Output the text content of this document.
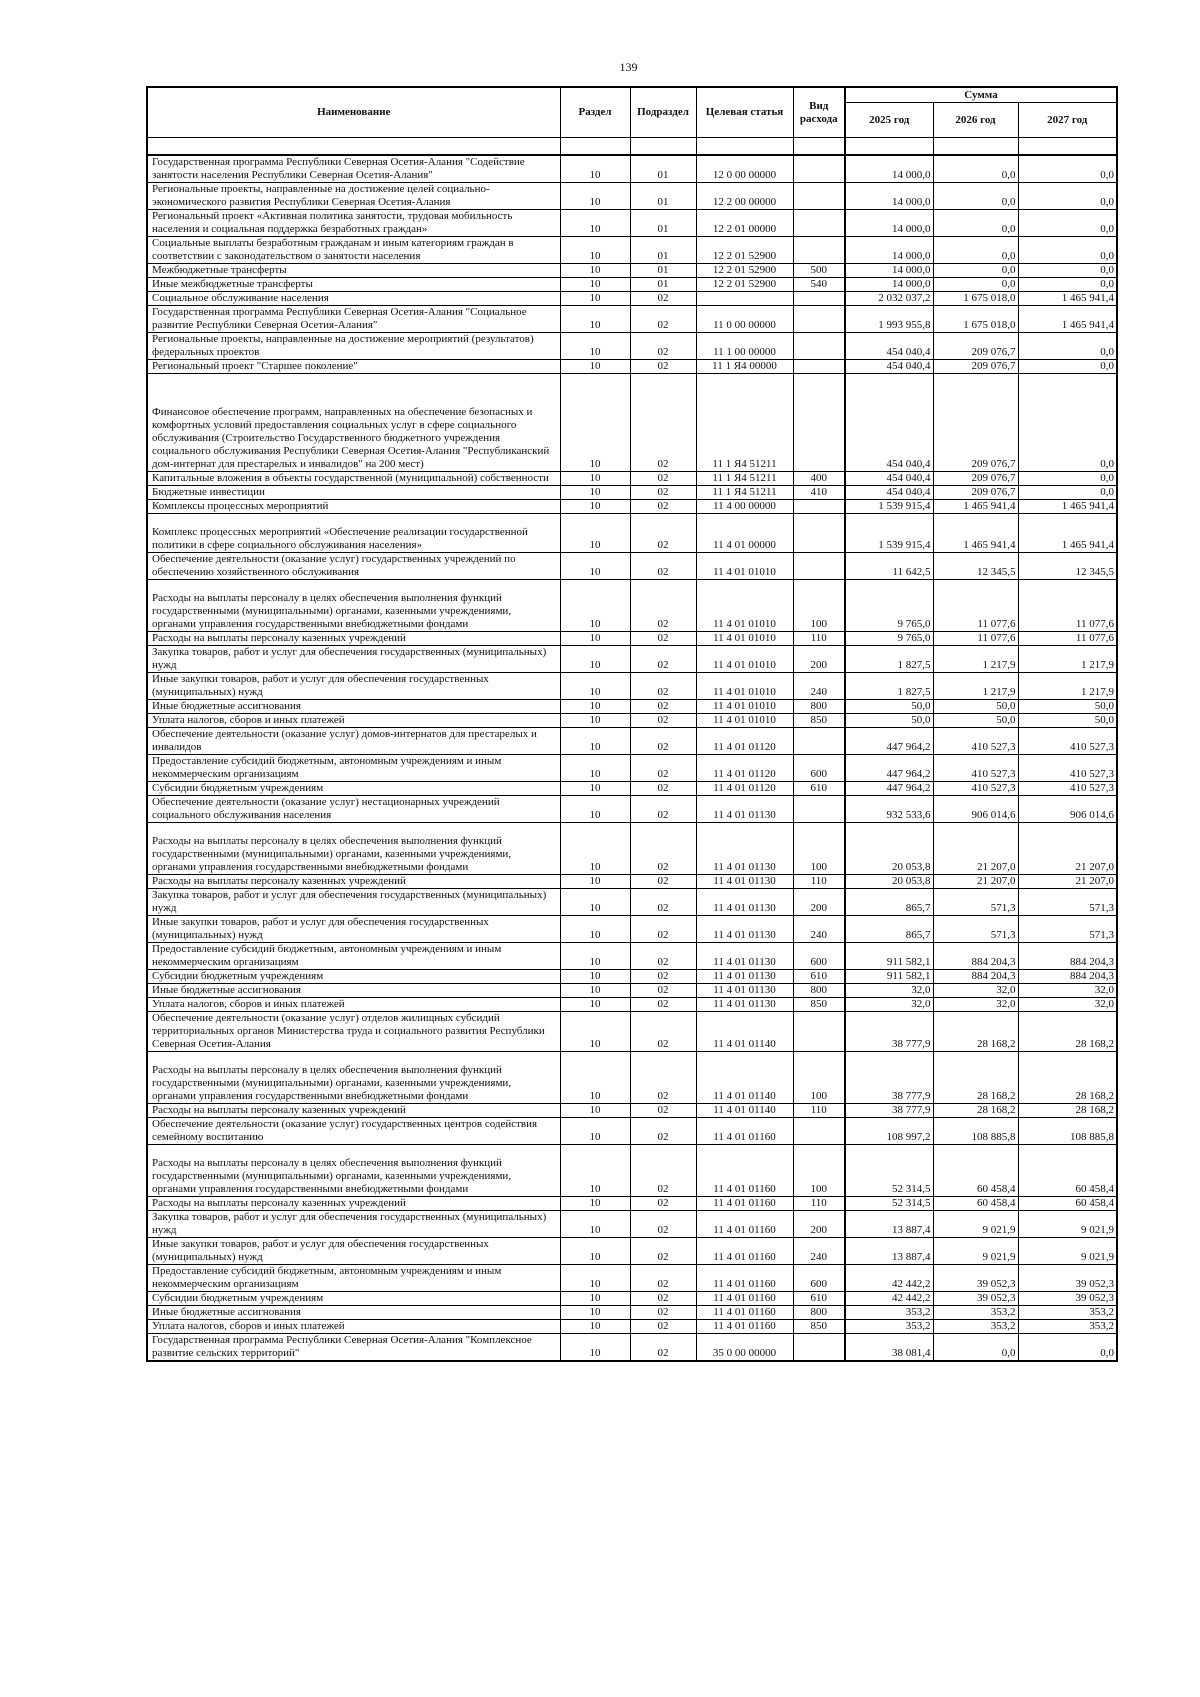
139
Наименование	Раздел	Подраздел	Целевая статья	Вид расхода	Сумма		
					2025 год	2026 год	2027 год

Государственная программа Республики Северная Осетия-Алания "Содействие занятости населения Республики Северная Осетия-Алания"	10	01	12 0 00 00000		14 000,0	0,0	0,0
Региональные проекты, направленные на достижение целей социально-экономического развития Республики Северная Осетия-Алания	10	01	12 2 00 00000		14 000,0	0,0	0,0
Региональный проект «Активная политика занятости, трудовая мобильность населения и социальная поддержка безработных граждан»	10	01	12 2 01 00000		14 000,0	0,0	0,0
Социальные выплаты безработным гражданам и иным категориям граждан в соответствии с законодательством о занятости населения	10	01	12 2 01 52900		14 000,0	0,0	0,0
Межбюджетные трансферты	10	01	12 2 01 52900	500	14 000,0	0,0	0,0
Иные межбюджетные трансферты	10	01	12 2 01 52900	540	14 000,0	0,0	0,0
Социальное обслуживание населения	10	02			2 032 037,2	1 675 018,0	1 465 941,4
Государственная программа Республики Северная Осетия-Алания "Социальное развитие Республики Северная Осетия-Алания"	10	02	11 0 00 00000		1 993 955,8	1 675 018,0	1 465 941,4
Региональные проекты, направленные на достижение мероприятий (результатов) федеральных проектов	10	02	11 1 00 00000		454 040,4	209 076,7	0,0
Региональный проект "Старшее поколение"	10	02	11 1 Я4 00000		454 040,4	209 076,7	0,0
Финансовое обеспечение программ, направленных на обеспечение безопасных и комфортных условий предоставления социальных услуг в сфере социального обслуживания (Строительство Государственного бюджетного учреждения социального обслуживания Республики Северная Осетия-Алания "Республиканский дом-интернат для престарелых и инвалидов" на 200 мест)	10	02	11 1 Я4 51211		454 040,4	209 076,7	0,0
Капитальные вложения в объекты государственной (муниципальной) собственности	10	02	11 1 Я4 51211	400	454 040,4	209 076,7	0,0
Бюджетные инвестиции	10	02	11 1 Я4 51211	410	454 040,4	209 076,7	0,0
Комплексы процессных мероприятий	10	02	11 4 00 00000		1 539 915,4	1 465 941,4	1 465 941,4
Комплекс процессных мероприятий «Обеспечение реализации государственной политики в сфере социального обслуживания населения»	10	02	11 4 01 00000		1 539 915,4	1 465 941,4	1 465 941,4
Обеспечение деятельности (оказание услуг) государственных учреждений по обеспечению хозяйственного обслуживания	10	02	11 4 01 01010		11 642,5	12 345,5	12 345,5
Расходы на выплаты персоналу в целях обеспечения выполнения функций государственными (муниципальными) органами, казенными учреждениями, органами управления государственными внебюджетными фондами	10	02	11 4 01 01010	100	9 765,0	11 077,6	11 077,6
Расходы на выплаты персоналу казенных учреждений	10	02	11 4 01 01010	110	9 765,0	11 077,6	11 077,6
Закупка товаров, работ и услуг для обеспечения государственных (муниципальных) нужд	10	02	11 4 01 01010	200	1 827,5	1 217,9	1 217,9
Иные закупки товаров, работ и услуг для обеспечения государственных (муниципальных) нужд	10	02	11 4 01 01010	240	1 827,5	1 217,9	1 217,9
Иные бюджетные ассигнования	10	02	11 4 01 01010	800	50,0	50,0	50,0
Уплата налогов, сборов и иных платежей	10	02	11 4 01 01010	850	50,0	50,0	50,0
Обеспечение деятельности (оказание услуг) домов-интернатов для престарелых и инвалидов	10	02	11 4 01 01120		447 964,2	410 527,3	410 527,3
Предоставление субсидий бюджетным, автономным учреждениям и иным некоммерческим организациям	10	02	11 4 01 01120	600	447 964,2	410 527,3	410 527,3
Субсидии бюджетным учреждениям	10	02	11 4 01 01120	610	447 964,2	410 527,3	410 527,3
Обеспечение деятельности (оказание услуг) нестационарных учреждений социального обслуживания населения	10	02	11 4 01 01130		932 533,6	906 014,6	906 014,6
Расходы на выплаты персоналу в целях обеспечения выполнения функций государственными (муниципальными) органами, казенными учреждениями, органами управления государственными внебюджетными фондами	10	02	11 4 01 01130	100	20 053,8	21 207,0	21 207,0
Расходы на выплаты персоналу казенных учреждений	10	02	11 4 01 01130	110	20 053,8	21 207,0	21 207,0
Закупка товаров, работ и услуг для обеспечения государственных (муниципальных) нужд	10	02	11 4 01 01130	200	865,7	571,3	571,3
Иные закупки товаров, работ и услуг для обеспечения государственных (муниципальных) нужд	10	02	11 4 01 01130	240	865,7	571,3	571,3
Предоставление субсидий бюджетным, автономным учреждениям и иным некоммерческим организациям	10	02	11 4 01 01130	600	911 582,1	884 204,3	884 204,3
Субсидии бюджетным учреждениям	10	02	11 4 01 01130	610	911 582,1	884 204,3	884 204,3
Иные бюджетные ассигнования	10	02	11 4 01 01130	800	32,0	32,0	32,0
Уплата налогов, сборов и иных платежей	10	02	11 4 01 01130	850	32,0	32,0	32,0
Обеспечение деятельности (оказание услуг) отделов жилищных субсидий территориальных органов Министерства труда и социального развития Республики Северная Осетия-Алания	10	02	11 4 01 01140		38 777,9	28 168,2	28 168,2
Расходы на выплаты персоналу в целях обеспечения выполнения функций государственными (муниципальными) органами, казенными учреждениями, органами управления государственными внебюджетными фондами	10	02	11 4 01 01140	100	38 777,9	28 168,2	28 168,2
Расходы на выплаты персоналу казенных учреждений	10	02	11 4 01 01140	110	38 777,9	28 168,2	28 168,2
Обеспечение деятельности (оказание услуг) государственных центров содействия семейному воспитанию	10	02	11 4 01 01160		108 997,2	108 885,8	108 885,8
Расходы на выплаты персоналу в целях обеспечения выполнения функций государственными (муниципальными) органами, казенными учреждениями, органами управления государственными внебюджетными фондами	10	02	11 4 01 01160	100	52 314,5	60 458,4	60 458,4
Расходы на выплаты персоналу казенных учреждений	10	02	11 4 01 01160	110	52 314,5	60 458,4	60 458,4
Закупка товаров, работ и услуг для обеспечения государственных (муниципальных) нужд	10	02	11 4 01 01160	200	13 887,4	9 021,9	9 021,9
Иные закупки товаров, работ и услуг для обеспечения государственных (муниципальных) нужд	10	02	11 4 01 01160	240	13 887,4	9 021,9	9 021,9
Предоставление субсидий бюджетным, автономным учреждениям и иным некоммерческим организациям	10	02	11 4 01 01160	600	42 442,2	39 052,3	39 052,3
Субсидии бюджетным учреждениям	10	02	11 4 01 01160	610	42 442,2	39 052,3	39 052,3
Иные бюджетные ассигнования	10	02	11 4 01 01160	800	353,2	353,2	353,2
Уплата налогов, сборов и иных платежей	10	02	11 4 01 01160	850	353,2	353,2	353,2
Государственная программа Республики Северная Осетия-Алания "Комплексное развитие сельских территорий"	10	02	35 0 00 00000		38 081,4	0,0	0,0
